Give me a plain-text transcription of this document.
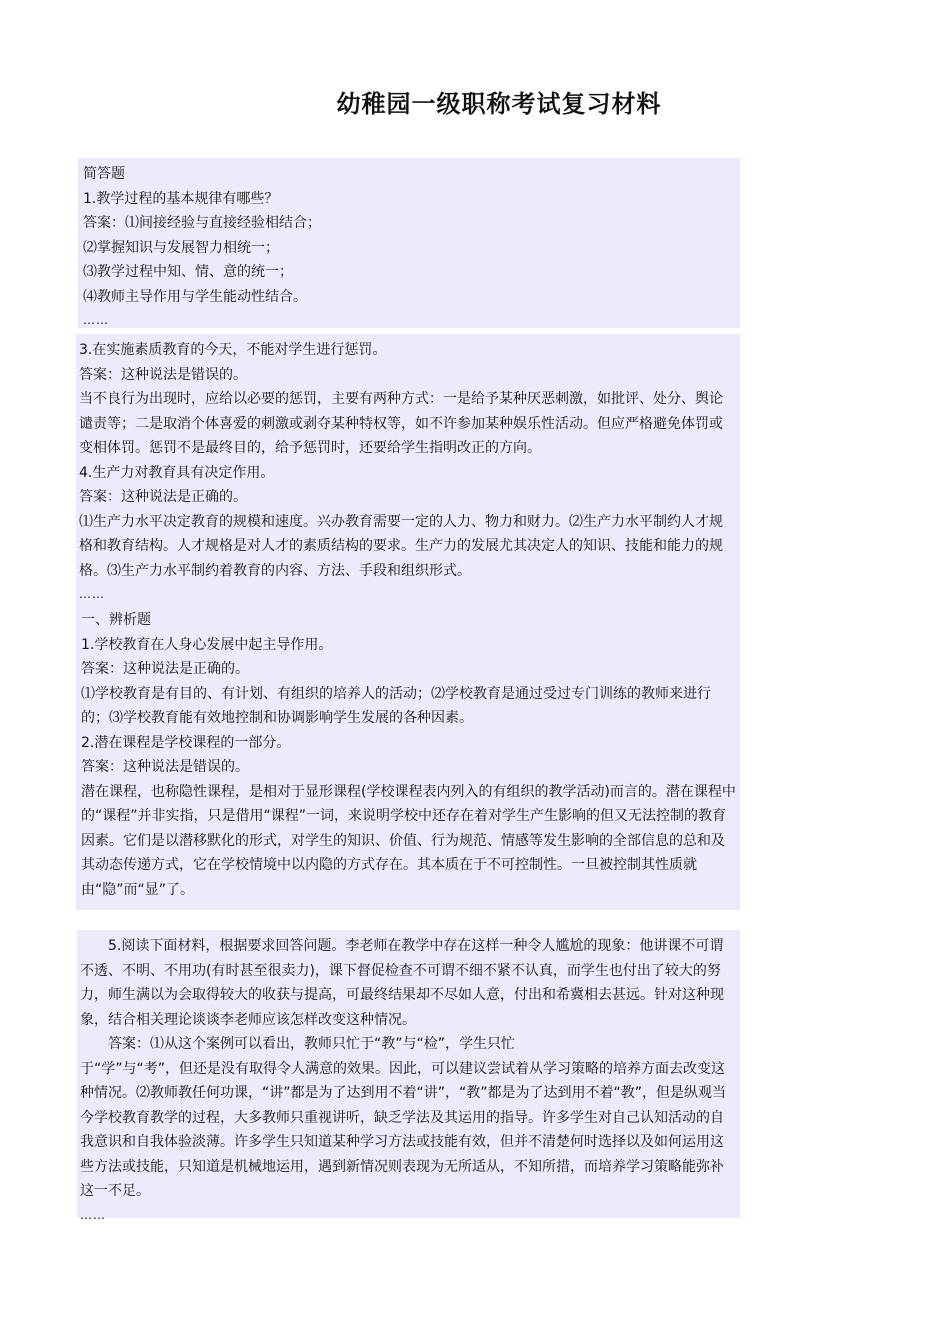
幼稚园一级职称考试复习材料

简答题

1.教学过程的基本规律有哪些？

答案：⑴间接经验与直接经验相结合；

⑵掌握知识与发展智力相统一；

⑶教学过程中知、情、意的统一；

⑷教师主导作用与学生能动性结合。

……

3.在实施素质教育的今天，不能对学生进行惩罚。

答案：这种说法是错误的。

当不良行为出现时，应给以必要的惩罚，主要有两种方式：一是给予某种厌恶刺激，如批评、处分、舆论谴责等；二是取消个体喜爱的刺激或剥夺某种特权等，如不许参加某种娱乐性活动。但应严格避免体罚或变相体罚。惩罚不是最终目的，给予惩罚时，还要给学生指明改正的方向。

4.生产力对教育具有决定作用。

答案：这种说法是正确的。

⑴生产力水平决定教育的规模和速度。兴办教育需要一定的人力、物力和财力。⑵生产力水平制约人才规格和教育结构。人才规格是对人才的素质结构的要求。生产力的发展尤其决定人的知识、技能和能力的规格。⑶生产力水平制约着教育的内容、方法、手段和组织形式。

……

一、辨析题

1.学校教育在人身心发展中起主导作用。

答案：这种说法是正确的。

⑴学校教育是有目的、有计划、有组织的培养人的活动；⑵学校教育是通过受过专门训练的教师来进行的；⑶学校教育能有效地控制和协调影响学生发展的各种因素。

2.潜在课程是学校课程的一部分。

答案：这种说法是错误的。

潜在课程，也称隐性课程，是相对于显形课程(学校课程表内列入的有组织的教学活动)而言的。潜在课程中的“课程”并非实指，只是借用“课程”一词，来说明学校中还存在着对学生产生影响的但又无法控制的教育因素。它们是以潜移默化的形式，对学生的知识、价值、行为规范、情感等发生影响的全部信息的总和及其动态传递方式，它在学校情境中以内隐的方式存在。其本质在于不可控制性。一旦被控制其性质就由“隐”而“显”了。

5.阅读下面材料，根据要求回答问题。李老师在教学中存在这样一种令人尴尬的现象：他讲课不可谓不透、不明、不用功(有时甚至很卖力)，课下督促检查不可谓不细不紧不认真，而学生也付出了较大的努力，师生满以为会取得较大的收获与提高，可最终结果却不尽如人意，付出和希冀相去甚远。针对这种现象，结合相关理论谈谈李老师应该怎样改变这种情况。

答案：⑴从这个案例可以看出，教师只忙于“教”与“检”，学生只忙

于“学”与“考”，但还是没有取得令人满意的效果。因此，可以建议尝试着从学习策略的培养方面去改变这种情况。⑵教师教任何功课，“讲”都是为了达到用不着“讲”，“教”都是为了达到用不着“教”，但是纵观当今学校教育教学的过程，大多教师只重视讲听，缺乏学法及其运用的指导。许多学生对自己认知活动的自我意识和自我体验淡薄。许多学生只知道某种学习方法或技能有效，但并不清楚何时选择以及如何运用这些方法或技能，只知道是机械地运用，遇到新情况则表现为无所适从，不知所措，而培养学习策略能弥补这一不足。

……
